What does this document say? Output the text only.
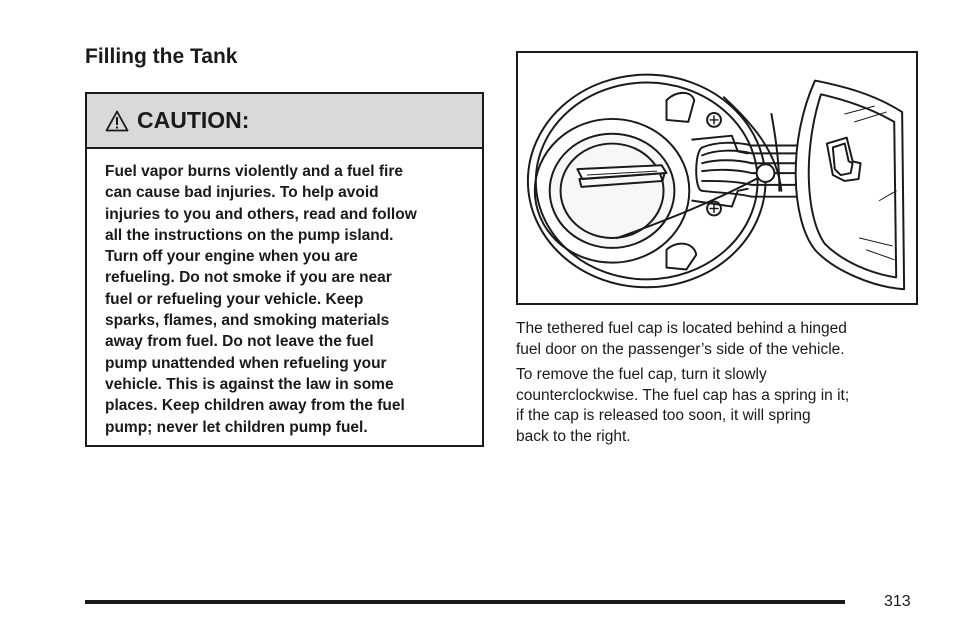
Filling the Tank
CAUTION:
Fuel vapor burns violently and a fuel fire
can cause bad injuries. To help avoid
injuries to you and others, read and follow
all the instructions on the pump island.
Turn off your engine when you are
refueling. Do not smoke if you are near
fuel or refueling your vehicle. Keep
sparks, flames, and smoking materials
away from fuel. Do not leave the fuel
pump unattended when refueling your
vehicle. This is against the law in some
places. Keep children away from the fuel
pump; never let children pump fuel.

The tethered fuel cap is located behind a hinged
fuel door on the passenger’s side of the vehicle.

To remove the fuel cap, turn it slowly
counterclockwise. The fuel cap has a spring in it;
if the cap is released too soon, it will spring
back to the right.

313
